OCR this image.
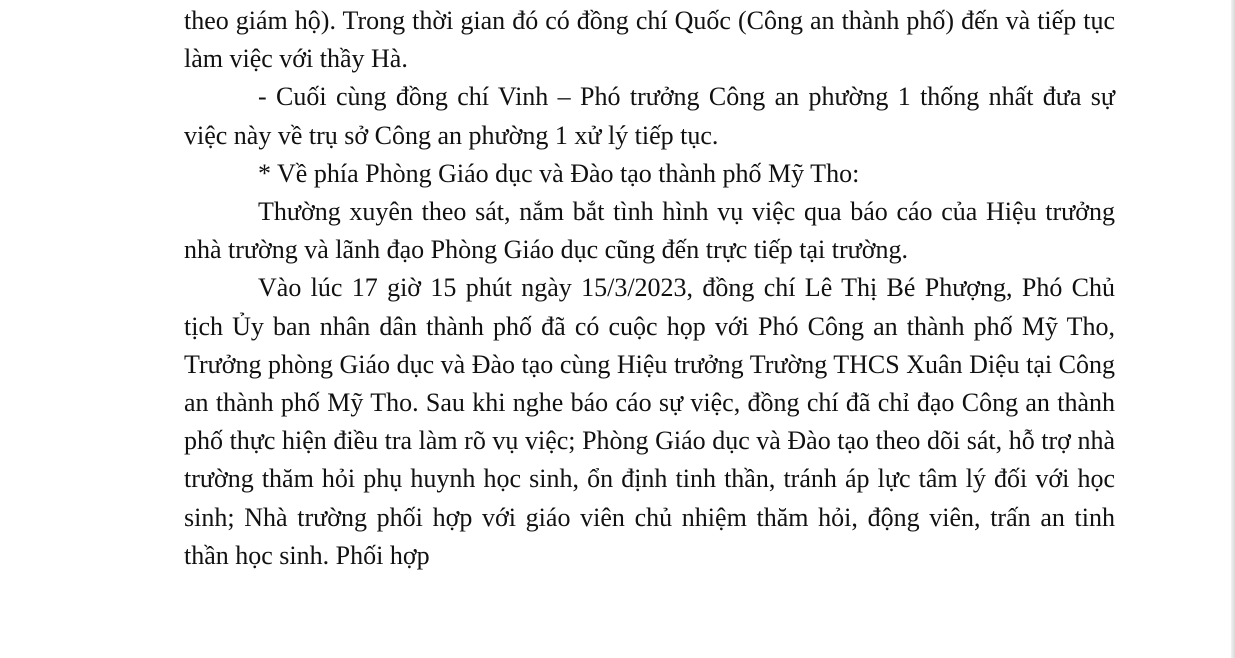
theo giám hộ). Trong thời gian đó có đồng chí Quốc (Công an thành phố) đến và tiếp tục làm việc với thầy Hà.

- Cuối cùng đồng chí Vinh – Phó trưởng Công an phường 1 thống nhất đưa sự việc này về trụ sở Công an phường 1 xử lý tiếp tục.

* Về phía Phòng Giáo dục và Đào tạo thành phố Mỹ Tho:

Thường xuyên theo sát, nắm bắt tình hình vụ việc qua báo cáo của Hiệu trưởng nhà trường và lãnh đạo Phòng Giáo dục cũng đến trực tiếp tại trường.

Vào lúc 17 giờ 15 phút ngày 15/3/2023, đồng chí Lê Thị Bé Phượng, Phó Chủ tịch Ủy ban nhân dân thành phố đã có cuộc họp với Phó Công an thành phố Mỹ Tho, Trưởng phòng Giáo dục và Đào tạo cùng Hiệu trưởng Trường THCS Xuân Diệu tại Công an thành phố Mỹ Tho. Sau khi nghe báo cáo sự việc, đồng chí đã chỉ đạo Công an thành phố thực hiện điều tra làm rõ vụ việc; Phòng Giáo dục và Đào tạo theo dõi sát, hỗ trợ nhà trường thăm hỏi phụ huynh học sinh, ổn định tinh thần, tránh áp lực tâm lý đối với học sinh; Nhà trường phối hợp với giáo viên chủ nhiệm thăm hỏi, động viên, trấn an tinh thần học sinh. Phối hợp
